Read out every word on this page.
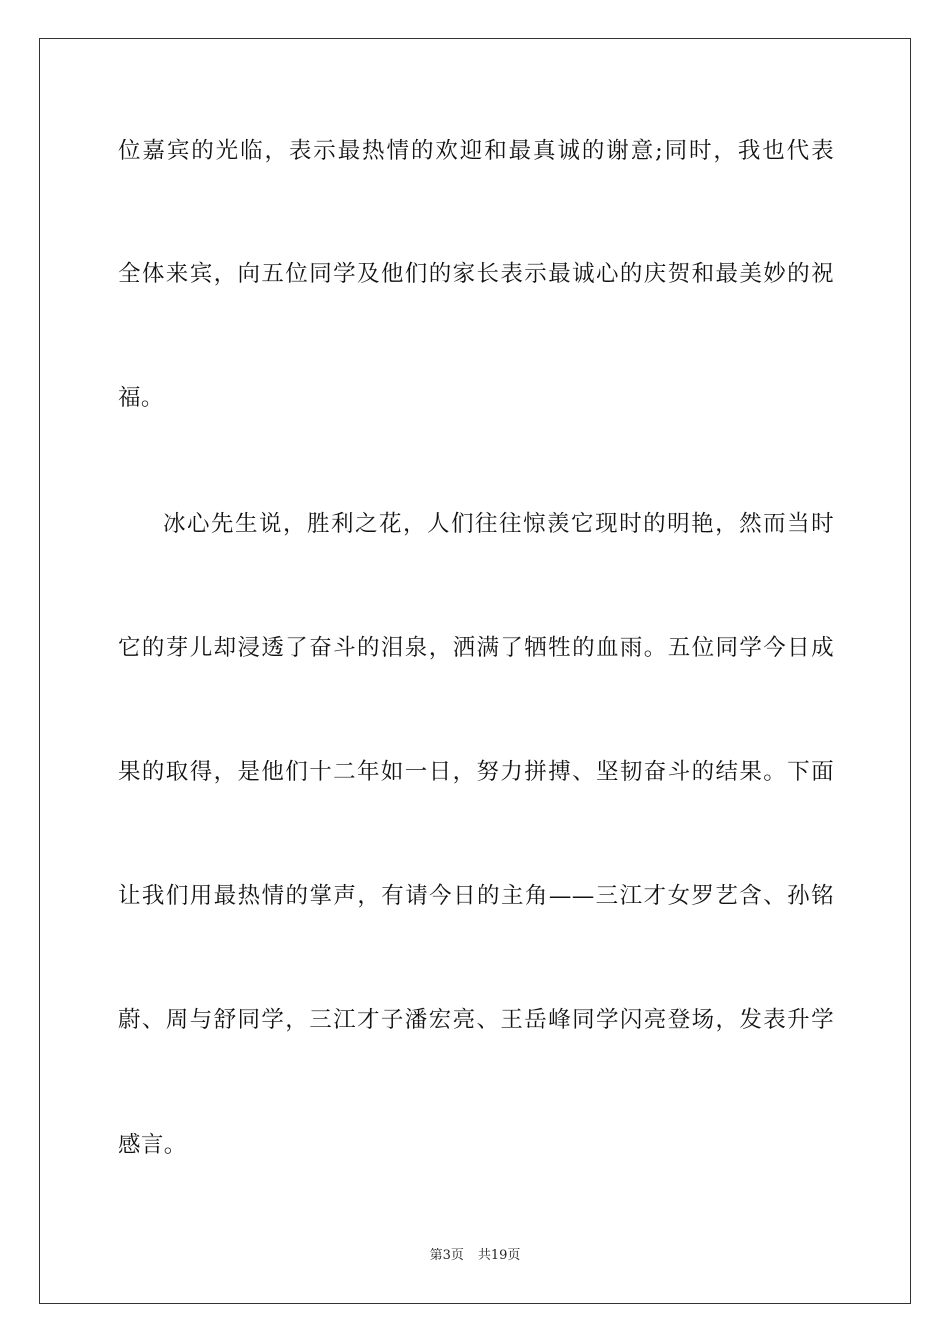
位嘉宾的光临，表示最热情的欢迎和最真诚的谢意;同时，我也代表
全体来宾，向五位同学及他们的家长表示最诚心的庆贺和最美妙的祝
福。
冰心先生说，胜利之花，人们往往惊羡它现时的明艳，然而当时
它的芽儿却浸透了奋斗的泪泉，洒满了牺牲的血雨。五位同学今日成
果的取得，是他们十二年如一日，努力拼搏、坚韧奋斗的结果。下面
让我们用最热情的掌声，有请今日的主角——三江才女罗艺含、孙铭
蔚、周与舒同学，三江才子潘宏亮、王岳峰同学闪亮登场，发表升学
感言。
第3页 共19页
